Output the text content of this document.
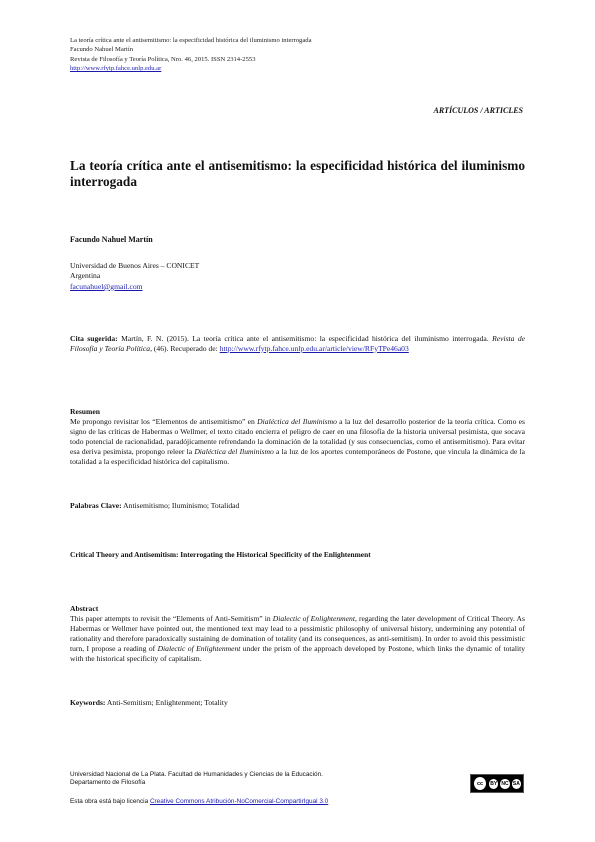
La teoría crítica ante el antisemitismo: la especificidad histórica del iluminismo interrogada
Facundo Nahuel Martín
Revista de Filosofía y Teoría Política, Nro. 46, 2015. ISSN 2314-2553
http://www.rfytp.fahce.unlp.edu.ar
ARTÍCULOS / ARTICLES
La teoría crítica ante el antisemitismo: la especificidad histórica del iluminismo interrogada
Facundo Nahuel Martín
Universidad de Buenos Aires – CONICET
Argentina
facunahuel@gmail.com
Cita sugerida: Martín, F. N. (2015). La teoría crítica ante el antisemitismo: la especificidad histórica del iluminismo interrogada. Revista de Filosofía y Teoría Política, (46). Recuperado de: http://www.rfytp.fahce.unlp.edu.ar/article/view/RFyTPe46a03
Resumen
Me propongo revisitar los “Elementos de antisemitismo” en Dialéctica del Iluminismo a la luz del desarrollo posterior de la teoría crítica. Como es signo de las críticas de Habermas o Wellmer, el texto citado encierra el peligro de caer en una filosofía de la historia universal pesimista, que socava todo potencial de racionalidad, paradójicamente refrendando la dominación de la totalidad (y sus consecuencias, como el antisemitismo). Para evitar esa deriva pesimista, propongo releer la Dialéctica del Iluminismo a la luz de los aportes contemporáneos de Postone, que vincula la dinámica de la totalidad a la especificidad histórica del capitalismo.
Palabras Clave: Antisemitismo; Iluminismo; Totalidad
Critical Theory and Antisemitism: Interrogating the Historical Specificity of the Enlightenment
Abstract
This paper attempts to revisit the “Elements of Anti-Semitism” in Dialectic of Enlightenment, regarding the later development of Critical Theory. As Habermas or Wellmer have pointed out, the mentioned text may lead to a pessimistic philosophy of universal history, undermining any potential of rationality and therefore paradoxically sustaining de domination of totality (and its consequences, as anti-semitism). In order to avoid this pessimistic turn, I propose a reading of Dialectic of Enlightenment under the prism of the approach developed by Postone, which links the dynamic of totality with the historical specificity of capitalism.
Keywords: Anti-Semitism; Enlightenment; Totality
Universidad Nacional de La Plata. Facultad de Humanidades y Ciencias de la Educación.
Departamento de Filosofía	cc	BY NC SA
Esta obra está bajo licencia Creative Commons Atribución-NoComercial-CompartirIgual 3.0
